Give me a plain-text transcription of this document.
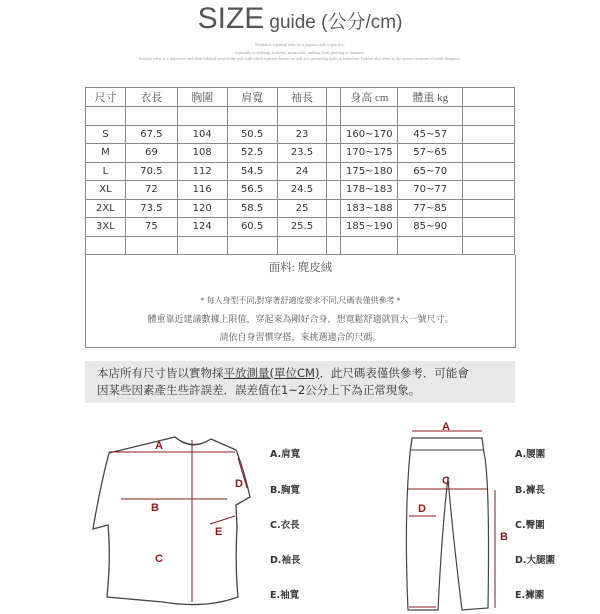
SIZE guide (公分/cm)
Fashion is a general term for a popular style or practice,
especially in clothing, footwear, accessories, makeup, body piercing or furniture.
Fashion refers to a distinctive and often habitual trend in the style with which a person dresses as well as to prevailing styles in behaviour. Fashion also refers to the newest creations of textile designers.
尺寸	衣長	胸圍	肩寬	袖長		身高 cm	體重 kg	

S	67.5	104	50.5	23		160~170	45~57	
M	69	108	52.5	23.5		170~175	57~65	
L	70.5	112	54.5	24		175~180	65~70	
XL	72	116	56.5	24.5		178~183	70~77	
2XL	73.5	120	58.5	25		183~188	77~85	
3XL	75	124	60.5	25.5		185~190	85~90	

面料: 麂皮絨
* 每人身型不同,對穿著舒適度要求不同,尺碼表僅供參考 *
體重靠近建議數據上限值，穿起來為剛好合身，想寬鬆舒適就買大一號尺寸。
請依自身習慣穿搭，來挑選適合的尺碼。
本店所有尺寸皆以實物採平放測量(單位CM)．此尺碼表僅供參考．可能會
因某些因素產生些許誤差．誤差值在1~2公分上下為正常現象。
A
B
C
D
E
A.肩寬
B.胸寬
C.衣長
D.袖長
E.袖寬
A
B
C
D
A.腰圍
B.褲長
C.臀圍
D.大腿圍
E.褲圍
